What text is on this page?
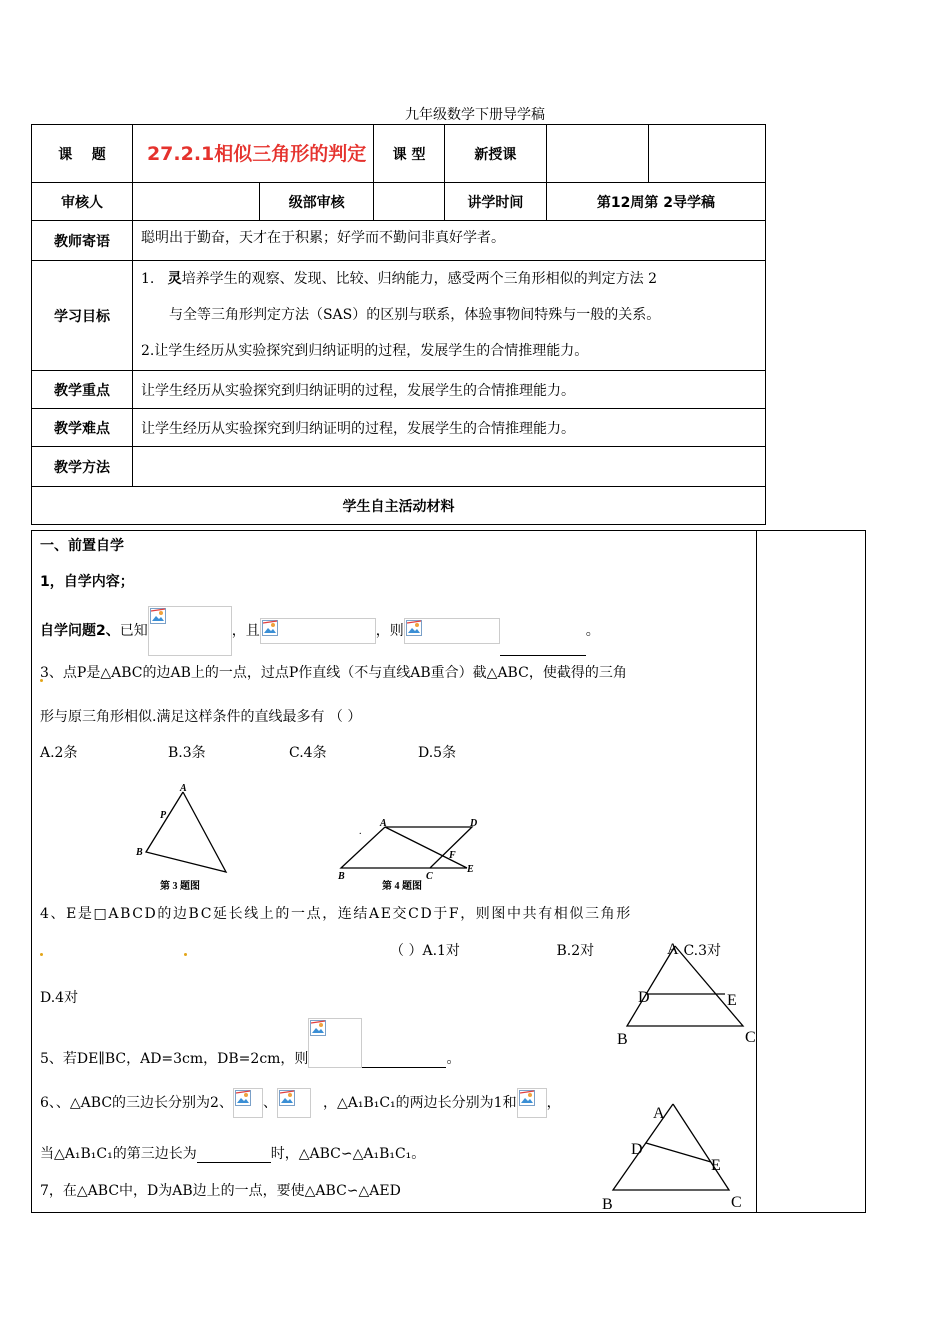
九年级数学下册导学稿
课    题	27.2.1相似三角形的判定		课 型	新授课		
审核人		级部审核		讲学时间	第12周第 2导学稿	
教师寄语	聪明出于勤奋，天才在于积累；好学而不勤问非真好学者。					
学习目标	1. 灵培养学生的观察、发现、比较、归纳能力，感受两个三角形相似的判定方法 2
与全等三角形判定方法（SAS）的区别与联系，体验事物间特殊与一般的关系。
2.让学生经历从实验探究到归纳证明的过程，发展学生的合情推理能力。					

教学重点	让学生经历从实验探究到归纳证明的过程，发展学生的合情推理能力。					
教学难点	让学生经历从实验探究到归纳证明的过程，发展学生的合情推理能力。					
教学方法						
学生自主活动材料						
一、前置自学
1，自学内容；
自学问题2、已知	，且	，则	。
3、点P是△ABC的边AB上的一点，过点P作直线（不与直线AB重合）截△ABC，使截得的三角
形与原三角形相似.满足这样条件的直线最多有 （ ）
A.2条	B.3条	C.4条	D.5条
A
P
B
第 3 题图
.
A	D
F
E
B	C
第 4 题图
4、E是□ABCD的边BC延长线上的一点，连结AE交CD于F，则图中共有相似三角形
（ ）A.1对	B.2对	C.3对
D.4对
A
D	E
B	C
5、若DE∥BC，AD=3cm，DB=2cm，则	。
6、、△ABC的三边长分别为2、 、	，△A₁B₁C₁的两边长分别为1和 ，
当△A₁B₁C₁的第三边长为	时，△ABC∽△A₁B₁C₁。
7，在△ABC中，D为AB边上的一点，要使△ABC∽△AED
A
D
E
B	C
